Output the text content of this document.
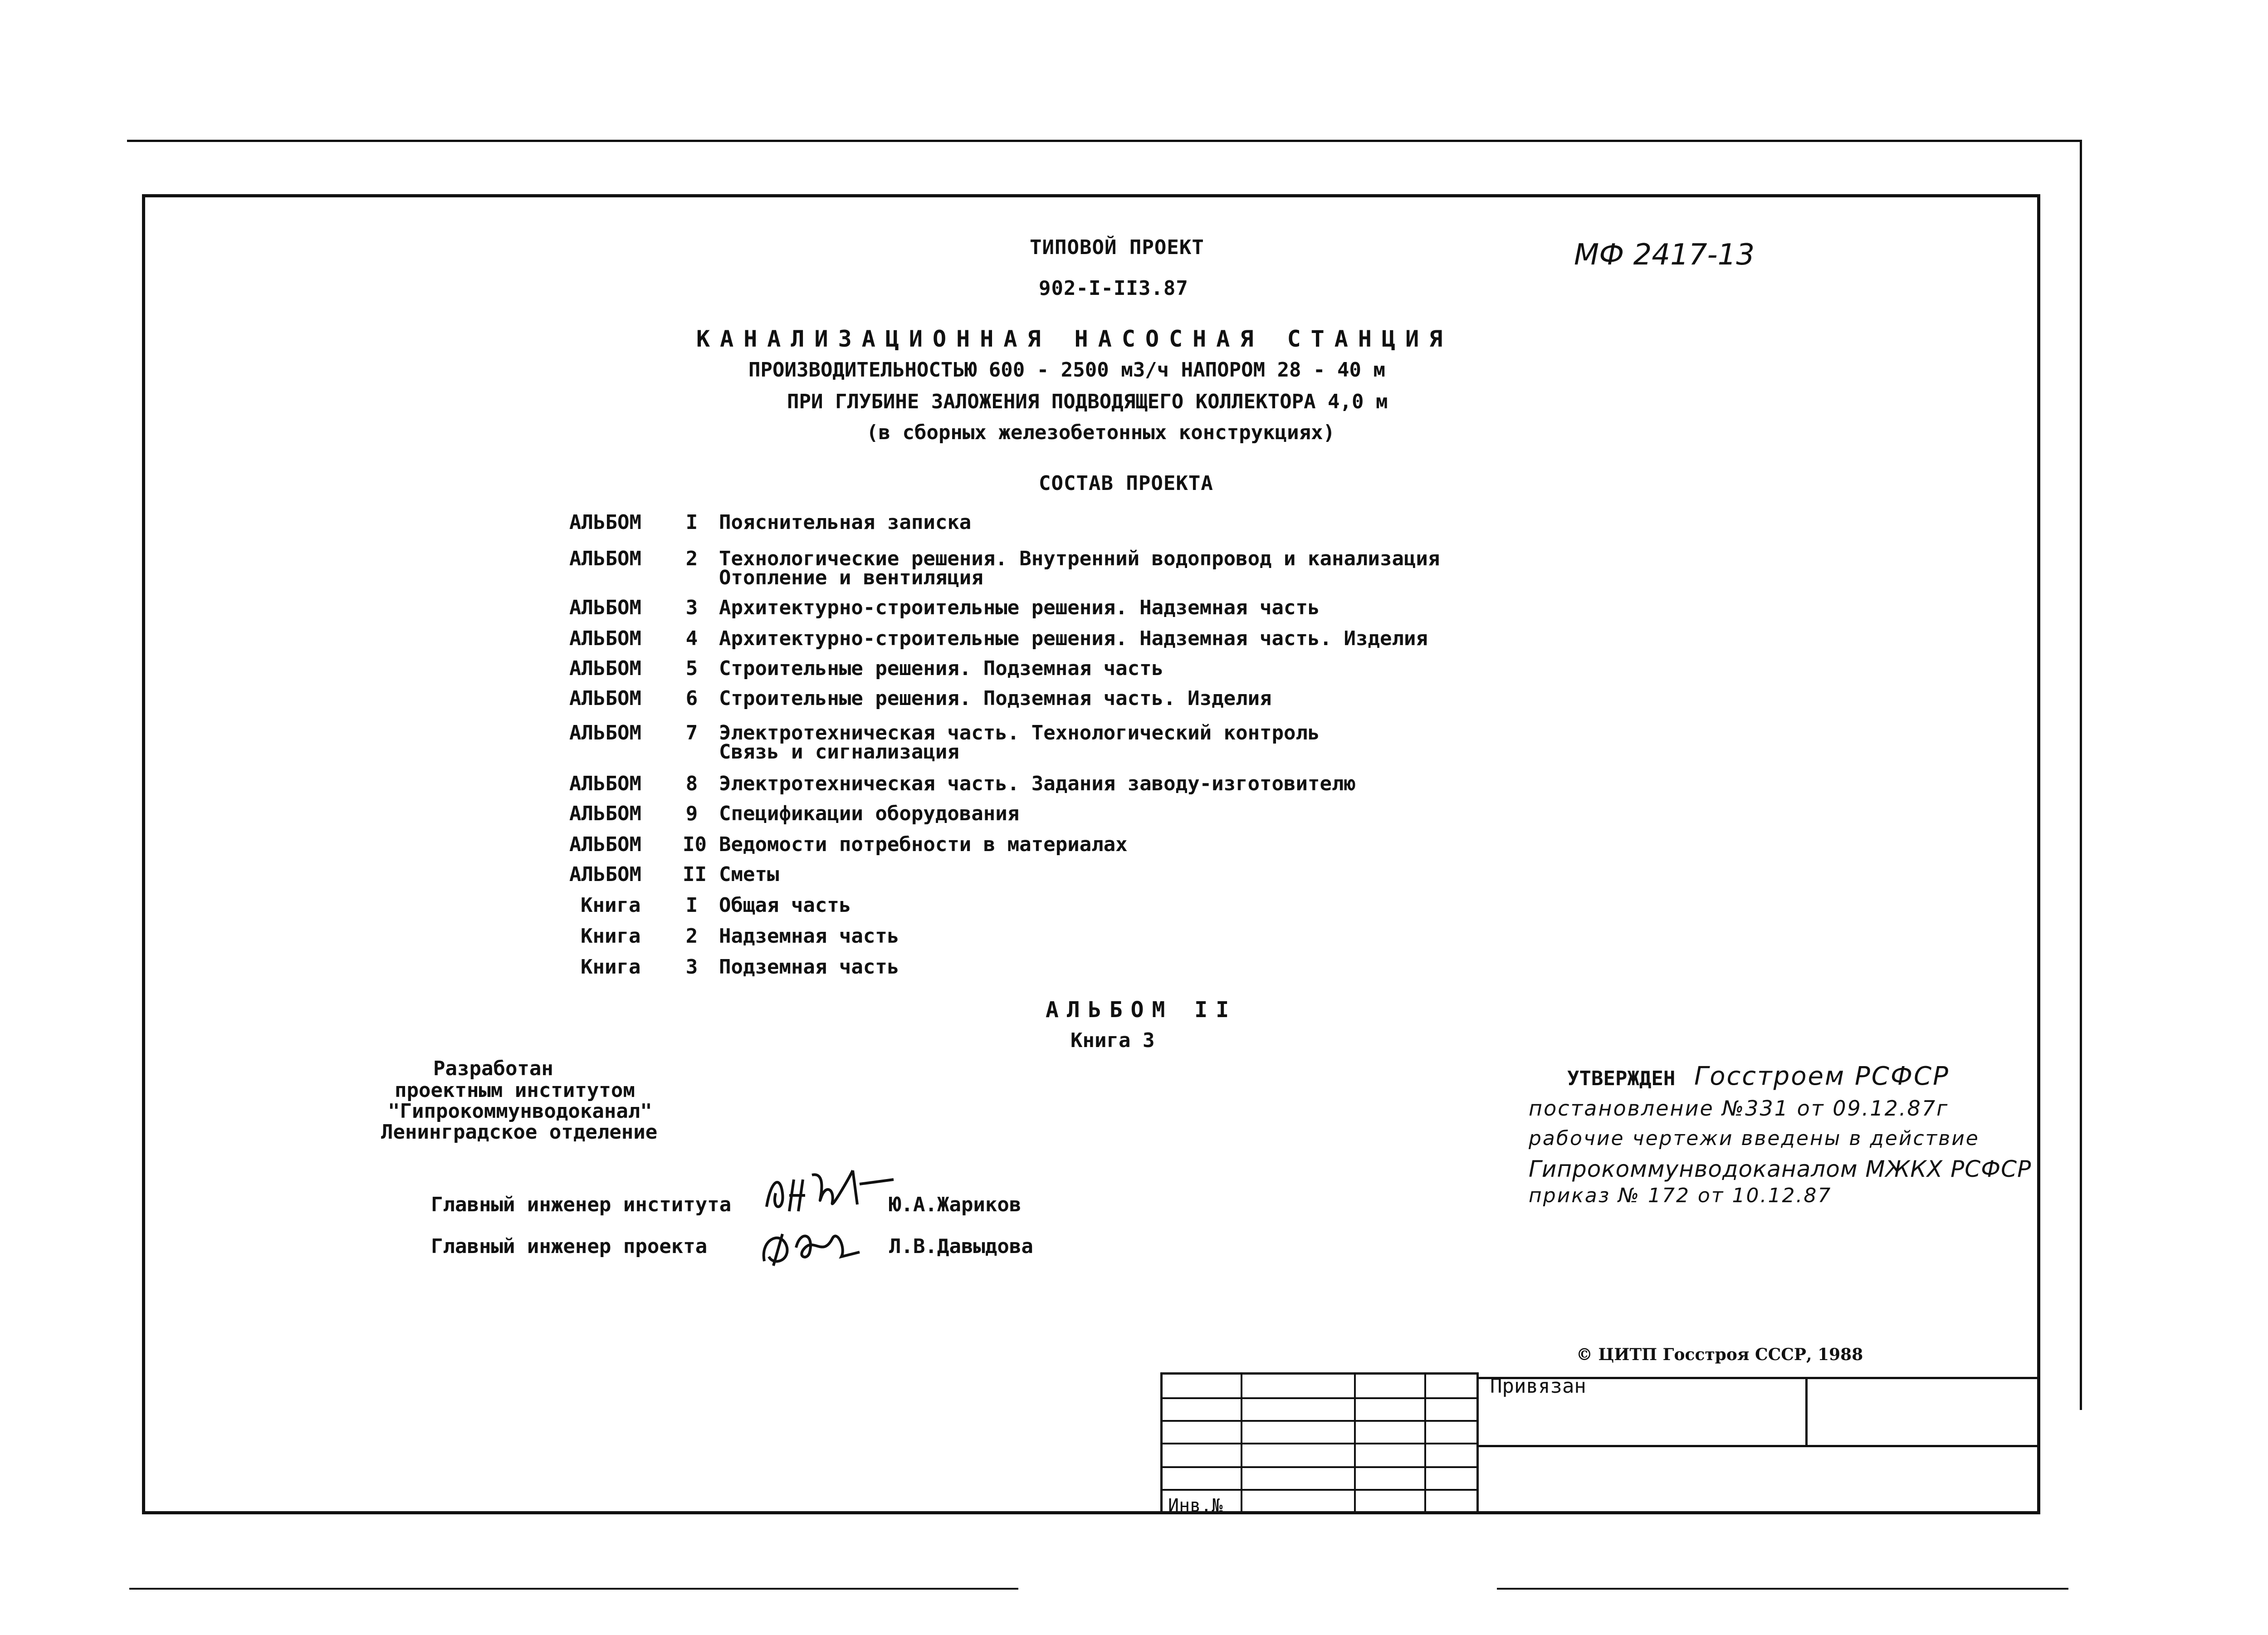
ТИПОВОЙ ПРОЕКТ
902-I-II3.87
МФ 2417-13
КАНАЛИЗАЦИОННАЯ НАСОСНАЯ СТАНЦИЯ
ПРОИЗВОДИТЕЛЬНОСТЬЮ 600 - 2500 м3/ч НАПОРОМ 28 - 40 м
ПРИ ГЛУБИНЕ ЗАЛОЖЕНИЯ ПОДВОДЯЩЕГО КОЛЛЕКТОРА 4,0 м
(в сборных железобетонных конструкциях)
СОСТАВ ПРОЕКТА
АЛЬБОМ I Пояснительная записка
АЛЬБОМ 2 Технологические решения. Внутренний водопровод и канализация
Отопление и вентиляция
АЛЬБОМ 3 Архитектурно-строительные решения. Надземная часть
АЛЬБОМ 4 Архитектурно-строительные решения. Надземная часть. Изделия
АЛЬБОМ 5 Строительные решения. Подземная часть
АЛЬБОМ 6 Строительные решения. Подземная часть. Изделия
АЛЬБОМ 7 Электротехническая часть. Технологический контроль
Связь и сигнализация
АЛЬБОМ 8 Электротехническая часть. Задания заводу-изготовителю
АЛЬБОМ 9 Спецификации оборудования
АЛЬБОМ I0 Ведомости потребности в материалах
АЛЬБОМ II Сметы
Книга I Общая часть
Книга 2 Надземная часть
Книга 3 Подземная часть
АЛЬБОМ II
Книга 3
Разработан
проектным институтом
"Гипрокоммунводоканал"
Ленинградское отделение
Главный инженер института	Ю.А.Жариков
Главный инженер проекта	Л.В.Давыдова
УТВЕРЖДЕН Госстроем РСФСР
постановление №331 от 09.12.87г
рабочие чертежи введены в действие
Гипрокоммунводоканалом МЖКХ РСФСР
приказ № 172 от 10.12.87
© ЦИТП Госстроя СССР, 1988
Привязан
Инв.№
